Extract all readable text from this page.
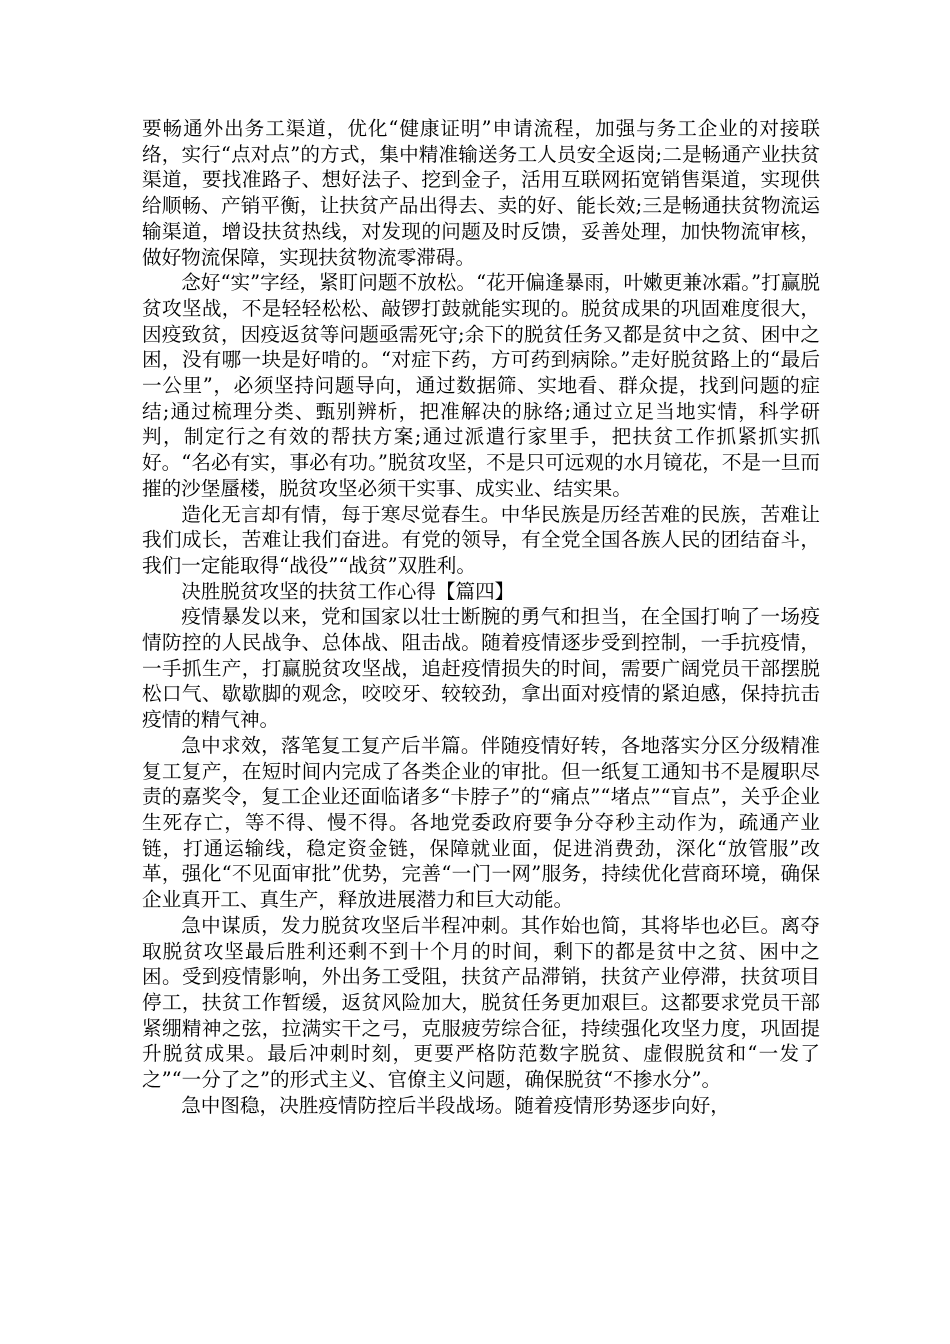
要畅通外出务工渠道，优化“健康证明”申请流程，加强与务工企业的对接联络，实行“点对点”的方式，集中精准输送务工人员安全返岗;二是畅通产业扶贫渠道，要找准路子、想好法子、挖到金子，活用互联网拓宽销售渠道，实现供给顺畅、产销平衡，让扶贫产品出得去、卖的好、能长效;三是畅通扶贫物流运输渠道，增设扶贫热线，对发现的问题及时反馈，妥善处理，加快物流审核，做好物流保障，实现扶贫物流零滞碍。

念好“实”字经，紧盯问题不放松。“花开偏逢暴雨，叶嫩更兼冰霜。”打赢脱贫攻坚战，不是轻轻松松、敲锣打鼓就能实现的。脱贫成果的巩固难度很大，因疫致贫，因疫返贫等问题亟需死守;余下的脱贫任务又都是贫中之贫、困中之困，没有哪一块是好啃的。“对症下药，方可药到病除。”走好脱贫路上的“最后一公里”，必须坚持问题导向，通过数据筛、实地看、群众提，找到问题的症结;通过梳理分类、甄别辨析，把准解决的脉络;通过立足当地实情，科学研判，制定行之有效的帮扶方案;通过派遣行家里手，把扶贫工作抓紧抓实抓好。“名必有实，事必有功。”脱贫攻坚，不是只可远观的水月镜花，不是一旦而摧的沙堡蜃楼，脱贫攻坚必须干实事、成实业、结实果。

造化无言却有情，每于寒尽觉春生。中华民族是历经苦难的民族，苦难让我们成长，苦难让我们奋进。有党的领导，有全党全国各族人民的团结奋斗，我们一定能取得“战役”“战贫”双胜利。

决胜脱贫攻坚的扶贫工作心得【篇四】

疫情暴发以来，党和国家以壮士断腕的勇气和担当，在全国打响了一场疫情防控的人民战争、总体战、阻击战。随着疫情逐步受到控制，一手抗疫情，一手抓生产，打赢脱贫攻坚战，追赶疫情损失的时间，需要广阔党员干部摆脱松口气、歇歇脚的观念，咬咬牙、较较劲，拿出面对疫情的紧迫感，保持抗击疫情的精气神。

急中求效，落笔复工复产后半篇。伴随疫情好转，各地落实分区分级精准复工复产，在短时间内完成了各类企业的审批。但一纸复工通知书不是履职尽责的嘉奖令，复工企业还面临诸多“卡脖子”的“痛点”“堵点”“盲点”，关乎企业生死存亡，等不得、慢不得。各地党委政府要争分夺秒主动作为，疏通产业链，打通运输线，稳定资金链，保障就业面，促进消费劲，深化“放管服”改革，强化“不见面审批”优势，完善“一门一网”服务，持续优化营商环境，确保企业真开工、真生产，释放进展潜力和巨大动能。

急中谋质，发力脱贫攻坚后半程冲刺。其作始也简，其将毕也必巨。离夺取脱贫攻坚最后胜利还剩不到十个月的时间，剩下的都是贫中之贫、困中之困。受到疫情影响，外出务工受阻，扶贫产品滞销，扶贫产业停滞，扶贫项目停工，扶贫工作暂缓，返贫风险加大，脱贫任务更加艰巨。这都要求党员干部紧绷精神之弦，拉满实干之弓，克服疲劳综合征，持续强化攻坚力度，巩固提升脱贫成果。最后冲刺时刻，更要严格防范数字脱贫、虚假脱贫和“一发了之”“一分了之”的形式主义、官僚主义问题，确保脱贫“不掺水分”。

急中图稳，决胜疫情防控后半段战场。随着疫情形势逐步向好，
